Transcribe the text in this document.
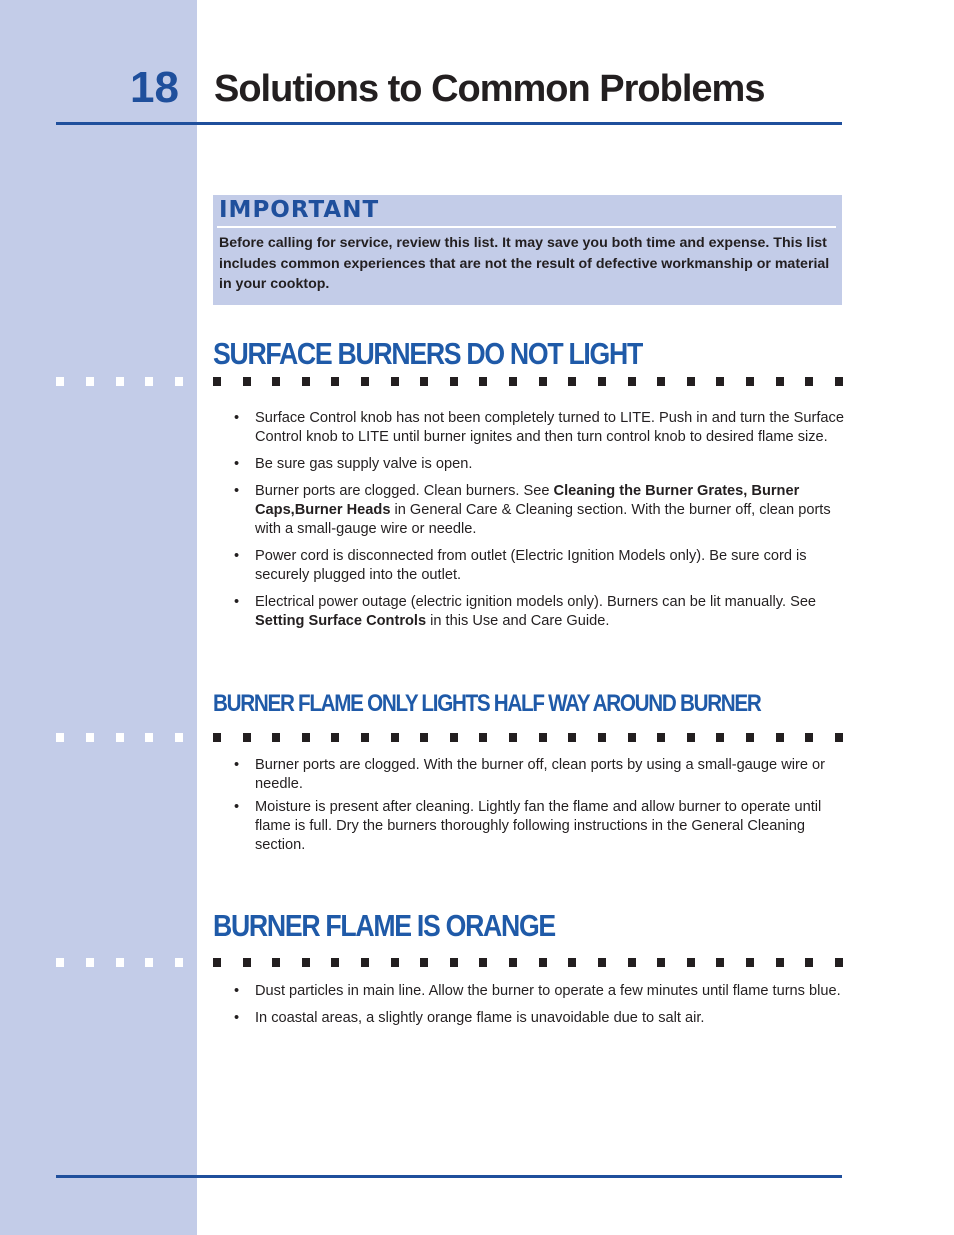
18 Solutions to Common Problems
IMPORTANT
Before calling for service, review this list. It may save you both time and expense. This list includes common experiences that are not the result of defective workmanship or material in your cooktop.
SURFACE BURNERS DO NOT LIGHT
• Surface Control knob has not been completely turned to LITE. Push in and turn the Surface Control knob to LITE until burner ignites and then turn control knob to desired flame size.
• Be sure gas supply valve is open.
• Burner ports are clogged. Clean burners. See Cleaning the Burner Grates, Burner Caps,Burner Heads in General Care & Cleaning section. With the burner off, clean ports with a small-gauge wire or needle.
• Power cord is disconnected from outlet (Electric Ignition Models only). Be sure cord is securely plugged into the outlet.
• Electrical power outage (electric ignition models only). Burners can be lit manually. See Setting Surface Controls in this Use and Care Guide.
BURNER FLAME ONLY LIGHTS HALF WAY AROUND BURNER
• Burner ports are clogged. With the burner off, clean ports by using a small-gauge wire or needle.
• Moisture is present after cleaning. Lightly fan the flame and allow burner to operate until flame is full. Dry the burners thoroughly following instructions in the General Cleaning section.
BURNER FLAME IS ORANGE
• Dust particles in main line. Allow the burner to operate a few minutes until flame turns blue.
• In coastal areas, a slightly orange flame is unavoidable due to salt air.
